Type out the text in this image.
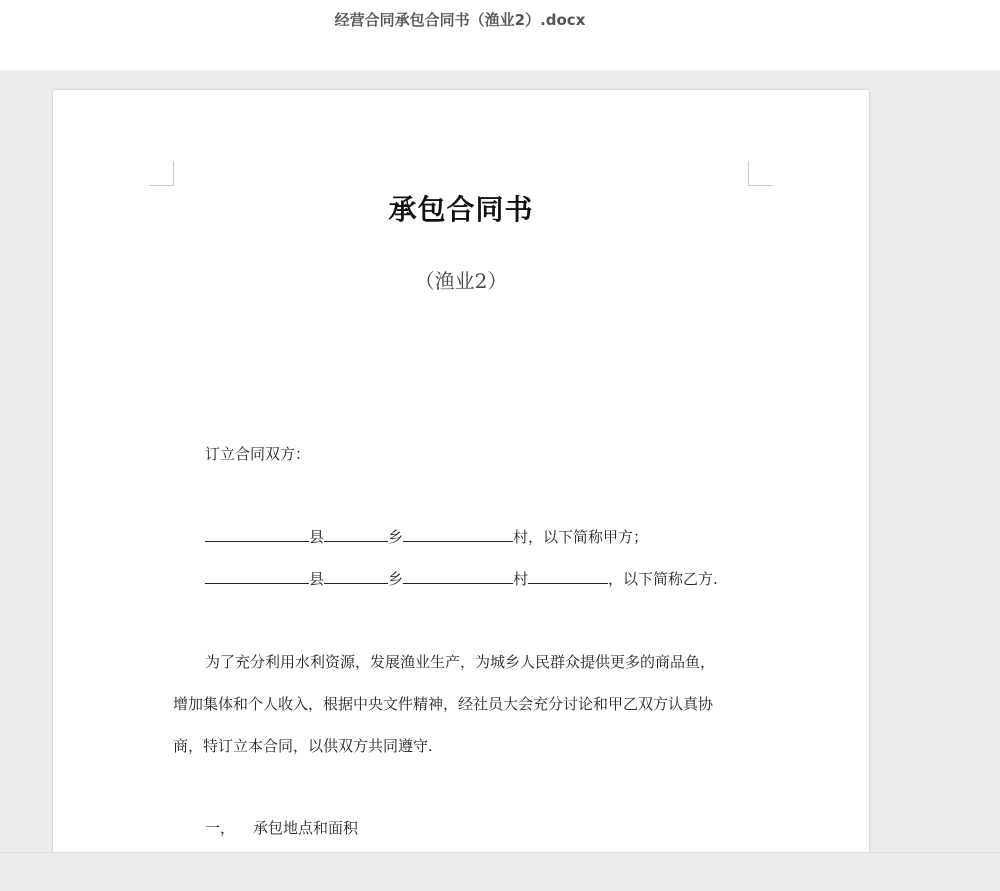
经营合同承包合同书（渔业2）.docx
承包合同书
（渔业2）
订立合同双方：
县	乡	村，以下简称甲方；
县	乡	村	，以下简称乙方.
为了充分利用水利资源，发展渔业生产，为城乡人民群众提供更多的商品鱼，
增加集体和个人收入，根据中央文件精神，经社员大会充分讨论和甲乙双方认真协
商，特订立本合同，以供双方共同遵守.
一， 承包地点和面积
